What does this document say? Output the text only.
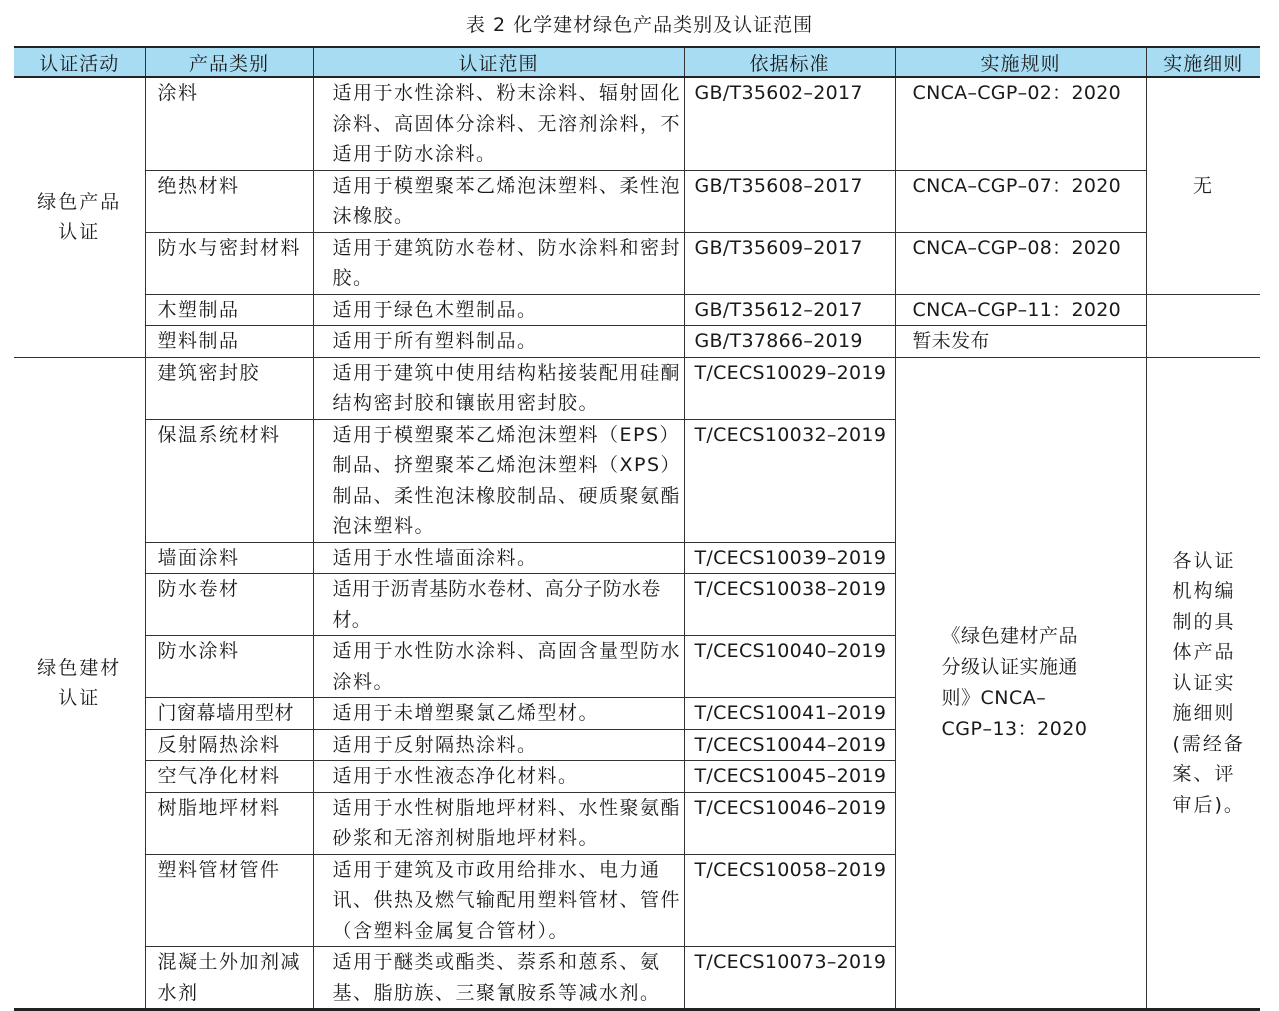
表 2 化学建材绿色产品类别及认证范围
认证活动	产品类别	认证范围	依据标准	实施规则	实施细则

绿色产品
认证	涂料	适用于水性涂料、粉末涂料、辐射固化涂料、高固体分涂料、无溶剂涂料，不适用于防水涂料。	GB/T35602–2017	CNCA–CGP–02：2020	无
	绝热材料	适用于模塑聚苯乙烯泡沫塑料、柔性泡沫橡胶。	GB/T35608–2017	CNCA–CGP–07：2020	
	防水与密封材料	适用于建筑防水卷材、防水涂料和密封胶。	GB/T35609–2017	CNCA–CGP–08：2020	
	木塑制品	适用于绿色木塑制品。	GB/T35612–2017	CNCA–CGP–11：2020	
	塑料制品	适用于所有塑料制品。	GB/T37866–2019	暂未发布	

绿色建材
认证	建筑密封胶	适用于建筑中使用结构粘接装配用硅酮结构密封胶和镶嵌用密封胶。	T/CECS10029–2019	《绿色建材产品分级认证实施通则》CNCA–CGP–13：2020	各认证机构编制的具体产品认证实施细则(需经备案、评审后)。
	保温系统材料	适用于模塑聚苯乙烯泡沫塑料（EPS）制品、挤塑聚苯乙烯泡沫塑料（XPS）制品、柔性泡沫橡胶制品、硬质聚氨酯泡沫塑料。	T/CECS10032–2019		
	墙面涂料	适用于水性墙面涂料。	T/CECS10039–2019		
	防水卷材	适用于沥青基防水卷材、高分子防水卷材。	T/CECS10038–2019		
	防水涂料	适用于水性防水涂料、高固含量型防水涂料。	T/CECS10040–2019		
	门窗幕墙用型材	适用于未增塑聚氯乙烯型材。	T/CECS10041–2019		
	反射隔热涂料	适用于反射隔热涂料。	T/CECS10044–2019		
	空气净化材料	适用于水性液态净化材料。	T/CECS10045–2019		
	树脂地坪材料	适用于水性树脂地坪材料、水性聚氨酯砂浆和无溶剂树脂地坪材料。	T/CECS10046–2019		
	塑料管材管件	适用于建筑及市政用给排水、电力通讯、供热及燃气输配用塑料管材、管件（含塑料金属复合管材）。	T/CECS10058–2019		
	混凝土外加剂减水剂	适用于醚类或酯类、萘系和蒽系、氨基、脂肪族、三聚氰胺系等减水剂。	T/CECS10073–2019		
